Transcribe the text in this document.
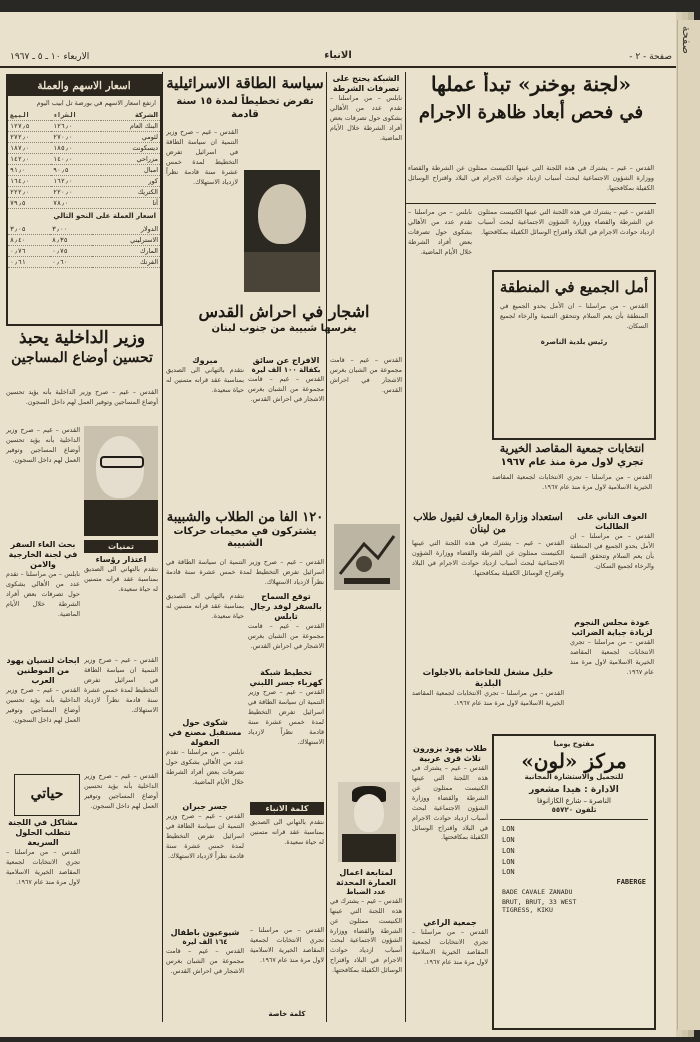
صفحة - ٢ -
الانباء
الاربعاء ١٠ ـ ٥ ـ ١٩٦٧
«لجنة بوخنر» تبدأ عملها
في فحص أبعاد ظاهرة الاجرام
القدس – غيم – يشترك في هذه اللجنة التي عينها الكنيست ممثلون عن الشرطة والقضاء ووزارة الشؤون الاجتماعية لبحث أسباب ازدياد حوادث الاجرام في البلاد واقتراح الوسائل الكفيلة بمكافحتها.
القدس – غيم – يشترك في هذه اللجنة التي عينها الكنيست ممثلون عن الشرطة والقضاء ووزارة الشؤون الاجتماعية لبحث أسباب ازدياد حوادث الاجرام في البلاد واقتراح الوسائل الكفيلة بمكافحتها.
نابلس – من مراسلنا – تقدم عدد من الأهالي بشكوى حول تصرفات بعض أفراد الشرطة خلال الأيام الماضية.
أمل الجميع في المنطقة
القدس – من مراسلنا – ان الأمل يحدو الجميع في المنطقة بأن يعم السلام وتتحقق التنمية والرخاء لجميع السكان.
رئيس بلدية الناصرة
انتخابات جمعية المقاصد الخيرية
تجري لاول مرة منذ عام ١٩٦٧
القدس – من مراسلنا – تجري الانتخابات لجمعية المقاصد الخيرية الاسلامية لاول مرة منذ عام ١٩٦٧.
العوف التأني على الطالبات
القدس – من مراسلنا – ان الأمل يحدو الجميع في المنطقة بأن يعم السلام وتتحقق التنمية والرخاء لجميع السكان.
عودة مجلس النجوم لزيادة جباية الضرائب
القدس – من مراسلنا – تجري الانتخابات لجمعية المقاصد الخيرية الاسلامية لاول مرة منذ عام ١٩٦٧.
استعداد وزارة المعارف لقبول طلاب من لبنان
القدس – غيم – يشترك في هذه اللجنة التي عينها الكنيست ممثلون عن الشرطة والقضاء ووزارة الشؤون الاجتماعية لبحث أسباب ازدياد حوادث الاجرام في البلاد واقتراح الوسائل الكفيلة بمكافحتها.
خليل مشغل للحاخامة بالاجلوات البلدية
القدس – من مراسلنا – تجري الانتخابات لجمعية المقاصد الخيرية الاسلامية لاول مرة منذ عام ١٩٦٧.
مفتوح يوميا
مركز «لون»
للتجميل والاستشارة المجانية
الادارة : هيدا مشعور
الناصرة – شارع الكازانوفا
تلفون ٥٥٧٢٠
LON
LON
LON
LON
LON
FABERGE
BADE CAVALE ZANADU
BRUT, BRUT, 33 WEST
TIGRESS, KIKU
طلاب يهود يزورون تلاث قرى عربية
القدس – غيم – يشترك في هذه اللجنة التي عينها الكنيست ممثلون عن الشرطة والقضاء ووزارة الشؤون الاجتماعية لبحث أسباب ازدياد حوادث الاجرام في البلاد واقتراح الوسائل الكفيلة بمكافحتها.
جمعية الراعي
القدس – من مراسلنا – تجري الانتخابات لجمعية المقاصد الخيرية الاسلامية لاول مرة منذ عام ١٩٦٧.
الشبكة يحتج على تصرفات الشرطة
نابلس – من مراسلنا – تقدم عدد من الأهالي بشكوى حول تصرفات بعض أفراد الشرطة خلال الأيام الماضية.
سياسة الطاقة الاسرائيلية
تفرض تخطيطاً لمدة ١٥ سنة قادمة
القدس – غيم – صرح وزير التنمية ان سياسة الطاقة في اسرائيل تفرض التخطيط لمدة خمس عشرة سنة قادمة نظراً لازدياد الاستهلاك.
اشجار في احراش القدس
يغرسها شبيبة من جنوب لبنان
القدس – غيم – قامت مجموعة من الشبان بغرس الاشجار في احراش القدس.
الافراج عن سائق
بكفالة ١٠٠ الف ليرة
القدس – غيم – قامت مجموعة من الشبان بغرس الاشجار في احراش القدس.
مبروك
نتقدم بالتهاني الى الصديق بمناسبة عقد قرانه متمنين له حياة سعيدة.
١٢٠ الفاً من الطلاب والشبيبة
يشتركون في مخيمات حركات الشبيبة
القدس – غيم – صرح وزير التنمية ان سياسة الطاقة في اسرائيل تفرض التخطيط لمدة خمس عشرة سنة قادمة نظراً لازدياد الاستهلاك.
توقع السماح بالسفر لوفد رجال تابلس
القدس – غيم – قامت مجموعة من الشبان بغرس الاشجار في احراش القدس.
نتقدم بالتهاني الى الصديق بمناسبة عقد قرانه متمنين له حياة سعيدة.
تخطيط شبكة كهرباء جسر اللبني
القدس – غيم – صرح وزير التنمية ان سياسة الطاقة في اسرائيل تفرض التخطيط لمدة خمس عشرة سنة قادمة نظراً لازدياد الاستهلاك.
شكوى حول مستقبل مصنع في العفولة
نابلس – من مراسلنا – تقدم عدد من الأهالي بشكوى حول تصرفات بعض أفراد الشرطة خلال الأيام الماضية.
كلمة الانباء
نتقدم بالتهاني الى الصديق بمناسبة عقد قرانه متمنين له حياة سعيدة.
جسر جبران
القدس – غيم – صرح وزير التنمية ان سياسة الطاقة في اسرائيل تفرض التخطيط لمدة خمس عشرة سنة قادمة نظراً لازدياد الاستهلاك.
شيوعيون باطفال
١٦٤ الف ليرة
القدس – غيم – قامت مجموعة من الشبان بغرس الاشجار في احراش القدس.
لمتابعة اعمال العمارة المحدثة
عدد الضباط
القدس – غيم – يشترك في هذه اللجنة التي عينها الكنيست ممثلون عن الشرطة والقضاء ووزارة الشؤون الاجتماعية لبحث أسباب ازدياد حوادث الاجرام في البلاد واقتراح الوسائل الكفيلة بمكافحتها.
القدس – من مراسلنا – تجري الانتخابات لجمعية المقاصد الخيرية الاسلامية لاول مرة منذ عام ١٩٦٧.
كلمة خاصة
اسعار الاسهم والعملة
ارتفع اسعار الاسهم في بورصة تل ابيب اليوم
الشركة	الشراء	البيع
البنك العام	١٢٦٫٠	١٢٧٫٥
لئومي	٢٧٠٫٠	٢٧٢٫٠
ديسكونت	١٨٥٫٠	١٨٧٫٠
مزراحي	١٤٠٫٠	١٤٢٫٠
امبال	٩٠٫٥	٩١٫٠
كور	١٦٢٫٠	١٦٤٫٠
الكتريك	٢٢٠٫٠	٢٢٢٫٠
أتا	٧٨٫٠	٧٩٫٥
اسعار العملة على النحو التالي
الدولار	٣٫٠٠	٣٫٠٥
الاسترليني	٨٫٣٥	٨٫٤٠
المارك	٠٫٧٥	٠٫٧٦
الفرنك	٠٫٦٠	٠٫٦١
وزير الداخلية يحبذ
تحسين أوضاع المساجين
القدس – غيم – صرح وزير الداخلية بأنه يؤيد تحسين أوضاع المساجين وتوفير العمل لهم داخل السجون.
القدس – غيم – صرح وزير الداخلية بأنه يؤيد تحسين أوضاع المساجين وتوفير العمل لهم داخل السجون.
تمنيات
اعتذار رؤساء
نتقدم بالتهاني الى الصديق بمناسبة عقد قرانه متمنين له حياة سعيدة.
بحث الغاء السفر في لجنة الخارجية والامن
نابلس – من مراسلنا – تقدم عدد من الأهالي بشكوى حول تصرفات بعض أفراد الشرطة خلال الأيام الماضية.
ابحاث لتسيان يهود من الموطنين العرب
القدس – غيم – صرح وزير الداخلية بأنه يؤيد تحسين أوضاع المساجين وتوفير العمل لهم داخل السجون.
القدس – غيم – صرح وزير التنمية ان سياسة الطاقة في اسرائيل تفرض التخطيط لمدة خمس عشرة سنة قادمة نظراً لازدياد الاستهلاك.
حياتي
مشاكل في اللجنة تتطلب الحلول السريعة
القدس – من مراسلنا – تجري الانتخابات لجمعية المقاصد الخيرية الاسلامية لاول مرة منذ عام ١٩٦٧.
القدس – غيم – صرح وزير الداخلية بأنه يؤيد تحسين أوضاع المساجين وتوفير العمل لهم داخل السجون.
صفحة
